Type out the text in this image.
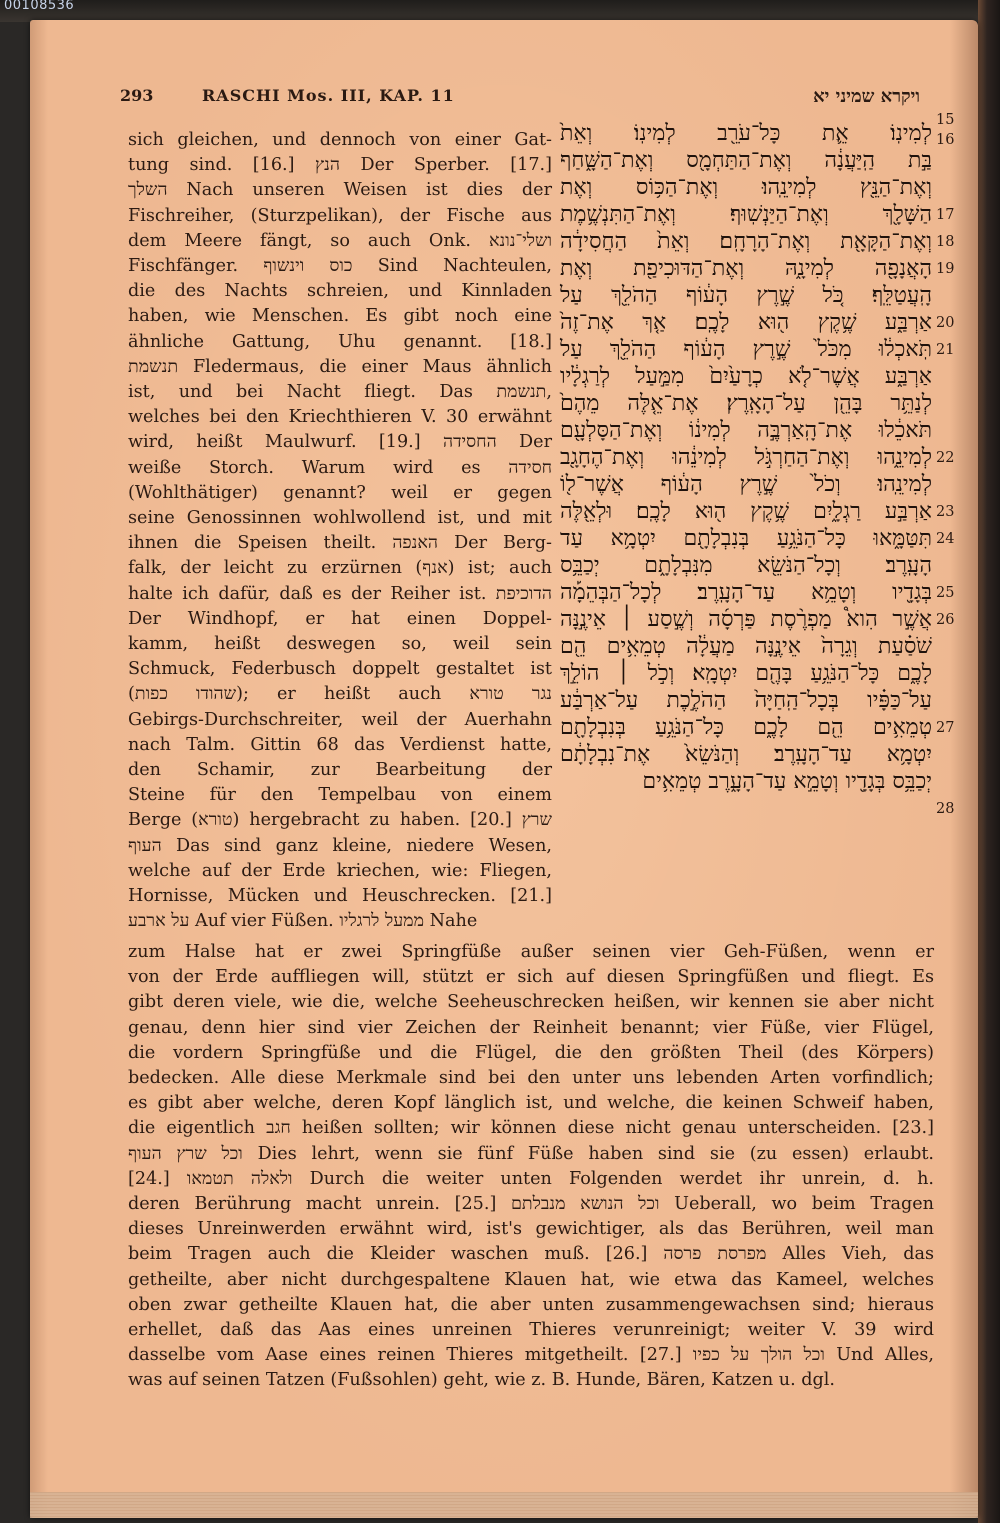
00108536
293	RASCHI Mos. III, KAP. 11	ויקרא שמיני יא

sich gleichen, und dennoch von einer Gat-

tung sind. [16.] הנץ Der Sperber. [17.]

השלך Nach unseren Weisen ist dies der

Fischreiher, (Sturzpelikan), der Fische aus

dem Meere fängt, so auch Onk. ושלי־נונא

Fischfänger. כוס וינשוף Sind Nachteulen,

die des Nachts schreien, und Kinnladen

haben, wie Menschen. Es gibt noch eine

ähnliche Gattung, Uhu genannt. [18.]

תנשמת Fledermaus, die einer Maus ähnlich

ist, und bei Nacht fliegt. Das תנשמת,

welches bei den Kriechthieren V. 30 erwähnt

wird, heißt Maulwurf. [19.] החסידה Der

weiße Storch. Warum wird es חסידה

(Wohlthätiger) genannt? weil er gegen

seine Genossinnen wohlwollend ist, und mit

ihnen die Speisen theilt. האנפה Der Berg-

falk, der leicht zu erzürnen (אנף) ist; auch

halte ich dafür, daß es der Reiher ist. הדוכיפת

Der Windhopf, er hat einen Doppel-

kamm, heißt deswegen so, weil sein

Schmuck, Federbusch doppelt gestaltet ist

(שהודו כפות); er heißt auch נגר טורא

Gebirgs-Durchschreiter, weil der Auerhahn

nach Talm. Gittin 68 das Verdienst hatte,

den Schamir, zur Bearbeitung der

Steine für den Tempelbau von einem

Berge (טורא) hergebracht zu haben. [20.] שרץ

העוף Das sind ganz kleine, niedere Wesen,

welche auf der Erde kriechen, wie: Fliegen,

Hornisse, Mücken und Heuschrecken. [21.]

על ארבע Auf vier Füßen. ממעל לרגליו Nahe

לְמִינֽוֹ׃ אֵ֛ת כָּל־עֹרֵ֖ב לְמִינֽוֹ׃ וְאֵת֙

בַּ֣ת הַֽיַּעֲנָ֔ה וְאֶת־הַתַּחְמָ֖ס וְאֶת־הַשָּׁ֑חַף

וְאֶת־הַנֵּ֖ץ לְמִינֵֽהוּ׃ וְאֶת־הַכּ֥וֹס וְאֶת

הַשָּׁלָ֖ךְ וְאֶת־הַיַּנְשֽׁוּף׃ וְאֶת־הַתִּנְשֶׁ֥מֶת

וְאֶת־הַקָּאָ֖ת וְאֶת־הָרָחָֽם׃ וְאֵת֙ הַחֲסִידָ֔ה

הָאֲנָפָ֖ה לְמִינָ֑הּ וְאֶת־הַדּוּכִיפַ֖ת וְאֶת

הָֽעֲטַלֵּֽף׃ כֹּ֚ל שֶׁ֣רֶץ הָע֔וֹף הַהֹלֵ֖ךְ עַל

אַרְבַּ֑ע שֶׁ֥קֶץ ה֖וּא לָכֶֽם׃ אַ֤ךְ אֶת־זֶה֙

תֹּֽאכְל֔וּ מִכֹּל֙ שֶׁ֣רֶץ הָע֔וֹף הַהֹלֵ֖ךְ עַל

אַרְבַּ֑ע אֲשֶׁר־לֹ֤א כְרָעַ֙יִם֙ מִמַּ֣עַל לְרַגְלָ֔יו

לְנַתֵּ֥ר בָּהֵ֖ן עַל־הָאָֽרֶץ׃ אֶת־אֵ֤לֶּה מֵהֶם֙

תֹּאכֵ֔לוּ אֶת־הָֽאַרְבֶּ֣ה לְמִינ֔וֹ וְאֶת־הַסָּלְעָ֖ם

לְמִינֵ֑הוּ וְאֶת־הַחַרְגֹּ֣ל לְמִינֵ֔הוּ וְאֶת־הֶחָגָ֖ב

לְמִינֵֽהוּ׃ וְכֹל֙ שֶׁ֣רֶץ הָע֔וֹף אֲשֶׁר־ל֖וֹ

אַרְבַּ֣ע רַגְלָ֑יִם שֶׁ֥קֶץ ה֖וּא לָכֶֽם׃ וּלְאֵ֖לֶּה

תִּטַּמָּ֑אוּ כָּל־הַנֹּגֵ֥עַ בְּנִבְלָתָ֖ם יִטְמָ֥א עַד

הָעָֽרֶב׃ וְכָל־הַנֹּשֵׂ֖א מִנִּבְלָתָ֑ם יְכַבֵּ֥ס

בְּגָדָ֖יו וְטָמֵ֥א עַד־הָעָֽרֶב׃ לְכָל־הַבְּהֵמָ֡ה

אֲשֶׁ֣ר הִוא֩ מַפְרֶ֨סֶת פַּרְסָ֜ה וְשֶׁ֣סַע ׀ אֵינֶ֣נָּה

שֹׁסַ֗עַת וְגֵרָה֙ אֵינֶ֣נָּה מַעֲלָ֔ה טְמֵאִ֥ים הֵ֖ם

לָכֶ֑ם כָּל־הַנֹּגֵ֥עַ בָּהֶ֖ם יִטְמָֽא׃ וְכֹ֣ל ׀ הוֹלֵ֣ךְ

עַל־כַּפָּ֗יו בְּכָל־הַֽחַיָּה֙ הַהֹלֶ֣כֶת עַל־אַרְבַּ֔ע

טְמֵאִ֥ים הֵ֖ם לָכֶ֑ם כָּל־הַנֹּגֵ֥עַ בְּנִבְלָתָ֖ם

יִטְמָ֥א עַד־הָעָֽרֶב׃ וְהַנֹּשֵׂא֙ אֶת־נִבְלָתָ֔ם

יְכַבֵּ֥ס בְּגָדָ֖יו וְטָמֵ֣א עַד־הָעָ֑רֶב טְמֵאִ֥ים

15
16
17
18
19
20
21
22
23
24
25
26
27
28

zum Halse hat er zwei Springfüße außer seinen vier Geh-Füßen, wenn er

von der Erde auffliegen will, stützt er sich auf diesen Springfüßen und fliegt. Es

gibt deren viele, wie die, welche Seeheuschrecken heißen, wir kennen sie aber nicht

genau, denn hier sind vier Zeichen der Reinheit benannt; vier Füße, vier Flügel,

die vordern Springfüße und die Flügel, die den größten Theil (des Körpers)

bedecken. Alle diese Merkmale sind bei den unter uns lebenden Arten vorfindlich;

es gibt aber welche, deren Kopf länglich ist, und welche, die keinen Schweif haben,

die eigentlich חגב heißen sollten; wir können diese nicht genau unterscheiden. [23.]

וכל שרץ העוף Dies lehrt, wenn sie fünf Füße haben sind sie (zu essen) erlaubt.

[24.] ולאלה תטמאו Durch die weiter unten Folgenden werdet ihr unrein, d. h.

deren Berührung macht unrein. [25.] וכל הנושא מנבלתם Ueberall, wo beim Tragen

dieses Unreinwerden erwähnt wird, ist's gewichtiger, als das Berühren, weil man

beim Tragen auch die Kleider waschen muß. [26.] מפרסת פרסה Alles Vieh, das

getheilte, aber nicht durchgespaltene Klauen hat, wie etwa das Kameel, welches

oben zwar getheilte Klauen hat, die aber unten zusammengewachsen sind; hieraus

erhellet, daß das Aas eines unreinen Thieres verunreinigt; weiter V. 39 wird

dasselbe vom Aase eines reinen Thieres mitgetheilt. [27.] וכל הולך על כפיו Und Alles,

was auf seinen Tatzen (Fußsohlen) geht, wie z. B. Hunde, Bären, Katzen u. dgl.
